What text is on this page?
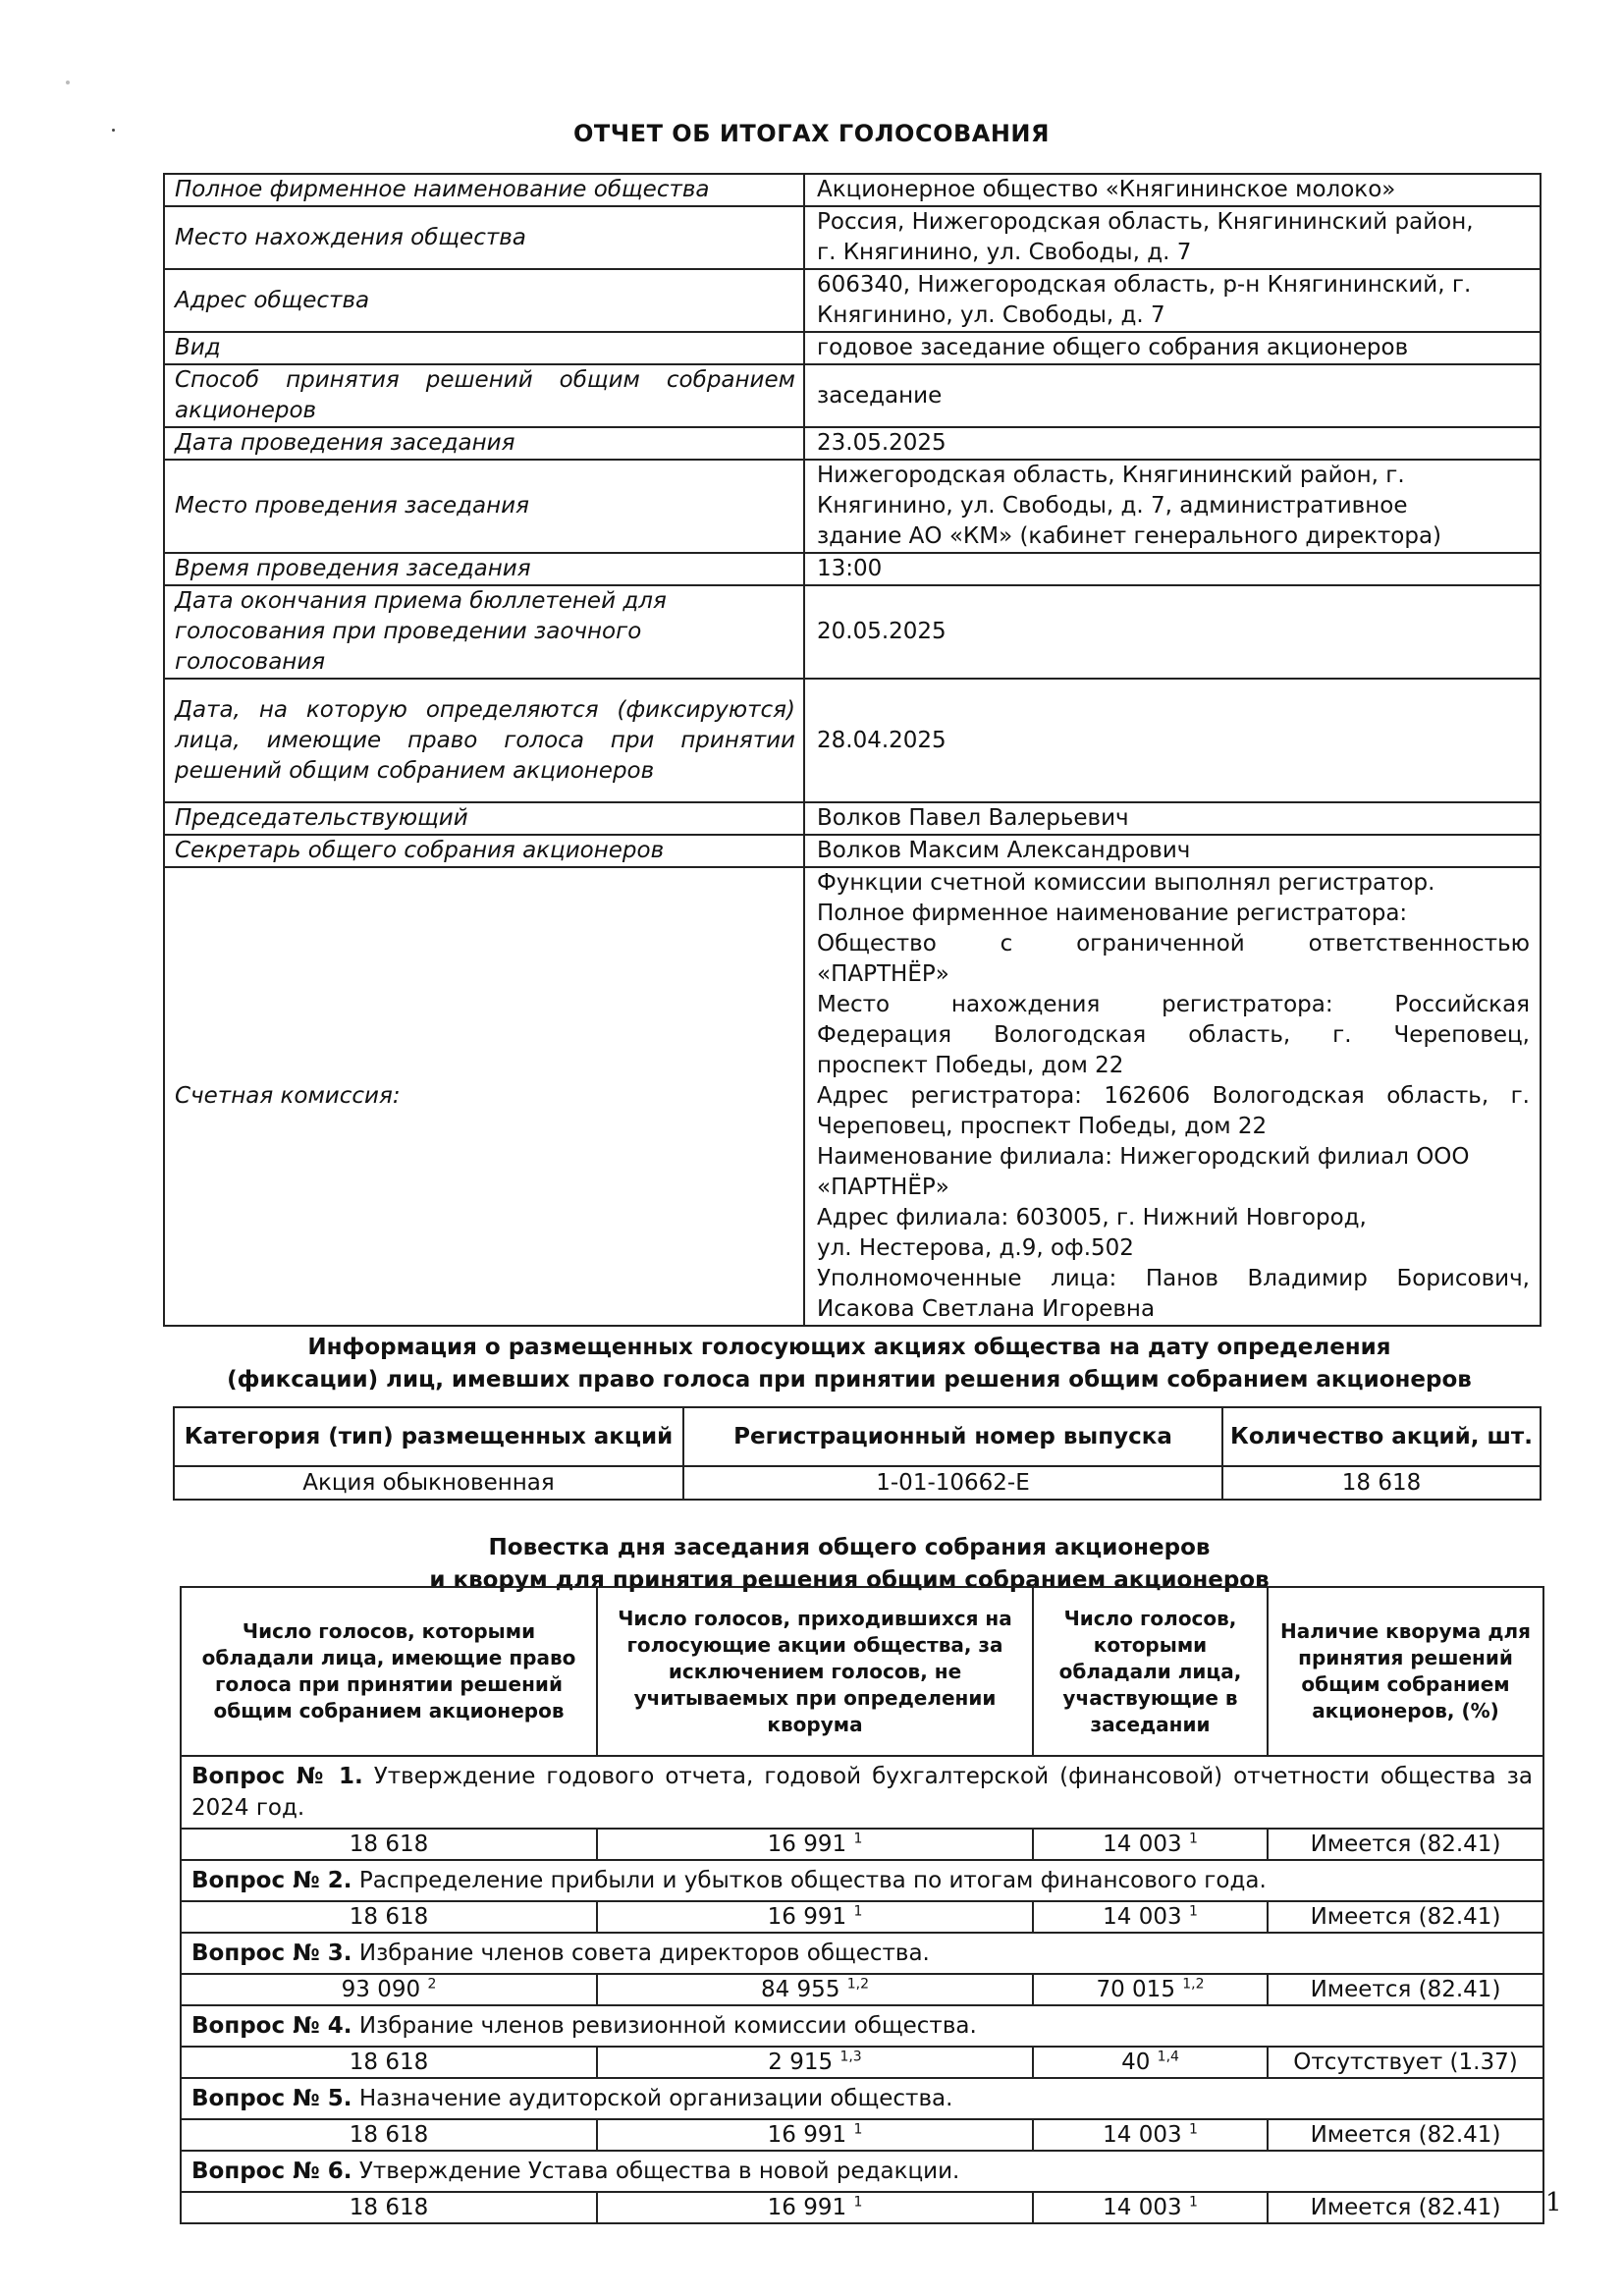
ОТЧЕТ ОБ ИТОГАХ ГОЛОСОВАНИЯ
Полное фирменное наименование общества	Акционерное общество «Княгининское молоко»

Место нахождения общества	Россия, Нижегородская область, Княгининский район,
г. Княгинино, ул. Свободы, д. 7

Адрес общества	606340, Нижегородская область, р-н Княгининский, г.
Княгинино, ул. Свободы, д. 7

Вид	годовое заседание общего собрания акционеров

Способ принятия решений общим собранием акционеров	заседание

Дата проведения заседания	23.05.2025

Место проведения заседания	Нижегородская область, Княгининский район, г.
Княгинино, ул. Свободы, д. 7, административное
здание АО «КМ» (кабинет генерального директора)

Время проведения заседания	13:00

Дата окончания приема бюллетеней для голосования при проведении заочного голосования	20.05.2025

Дата, на которую определяются (фиксируются) лица, имеющие право голоса при принятии решений общим собранием акционеров	28.04.2025

Председательствующий	Волков Павел Валерьевич

Секретарь общего собрания акционеров	Волков Максим Александрович

Счетная комиссия:	
Функции счетной комиссии выполнял регистратор.
Полное фирменное наименование регистратора:
Общество с ограниченной ответственностью
«ПАРТНЁР»
Место нахождения регистратора: Российская
Федерация Вологодская область, г. Череповец,
проспект Победы, дом 22
Адрес регистратора: 162606 Вологодская область, г.
Череповец, проспект Победы, дом 22
Наименование филиала: Нижегородский филиал ООО
«ПАРТНЁР»
Адрес филиала: 603005, г. Нижний Новгород,
ул. Нестерова, д.9, оф.502
Уполномоченные лица: Панов Владимир Борисович,
Исакова Светлана Игоревна
Информация о размещенных голосующих акциях общества на дату определения
(фиксации) лиц, имевших право голоса при принятии решения общим собранием акционеров
Категория (тип) размещенных акций	Регистрационный номер выпуска	Количество акций, шт.
Акция обыкновенная	1-01-10662-E	18 618
Повестка дня заседания общего собрания акционеров
и кворум для принятия решения общим собранием акционеров
Число голосов, которыми обладали лица, имеющие право голоса при принятии решений общим собранием акционеров	Число голосов, приходившихся на голосующие акции общества, за исключением голосов, не учитываемых при определении кворума	Число голосов, которыми обладали лица, участвующие в заседании	Наличие кворума для принятия решений общим собранием акционеров, (%)
Вопрос № 1. Утверждение годового отчета, годовой бухгалтерской (финансовой) отчетности общества за 2024 год.			
18 618	16 991 $^1$	14 003 $^1$	Имеется (82.41)
Вопрос № 2. Распределение прибыли и убытков общества по итогам финансового года.			
18 618	16 991 $^1$	14 003 $^1$	Имеется (82.41)
Вопрос № 3. Избрание членов совета директоров общества.			
93 090 $^2$	84 955 $^{1,2}$	70 015 $^{1,2}$	Имеется (82.41)
Вопрос № 4. Избрание членов ревизионной комиссии общества.			
18 618	2 915 $^{1,3}$	40 $^{1,4}$	Отсутствует (1.37)
Вопрос № 5. Назначение аудиторской организации общества.			
18 618	16 991 $^1$	14 003 $^1$	Имеется (82.41)
Вопрос № 6. Утверждение Устава общества в новой редакции.			
18 618	16 991 $^1$	14 003 $^1$	Имеется (82.41) 1
